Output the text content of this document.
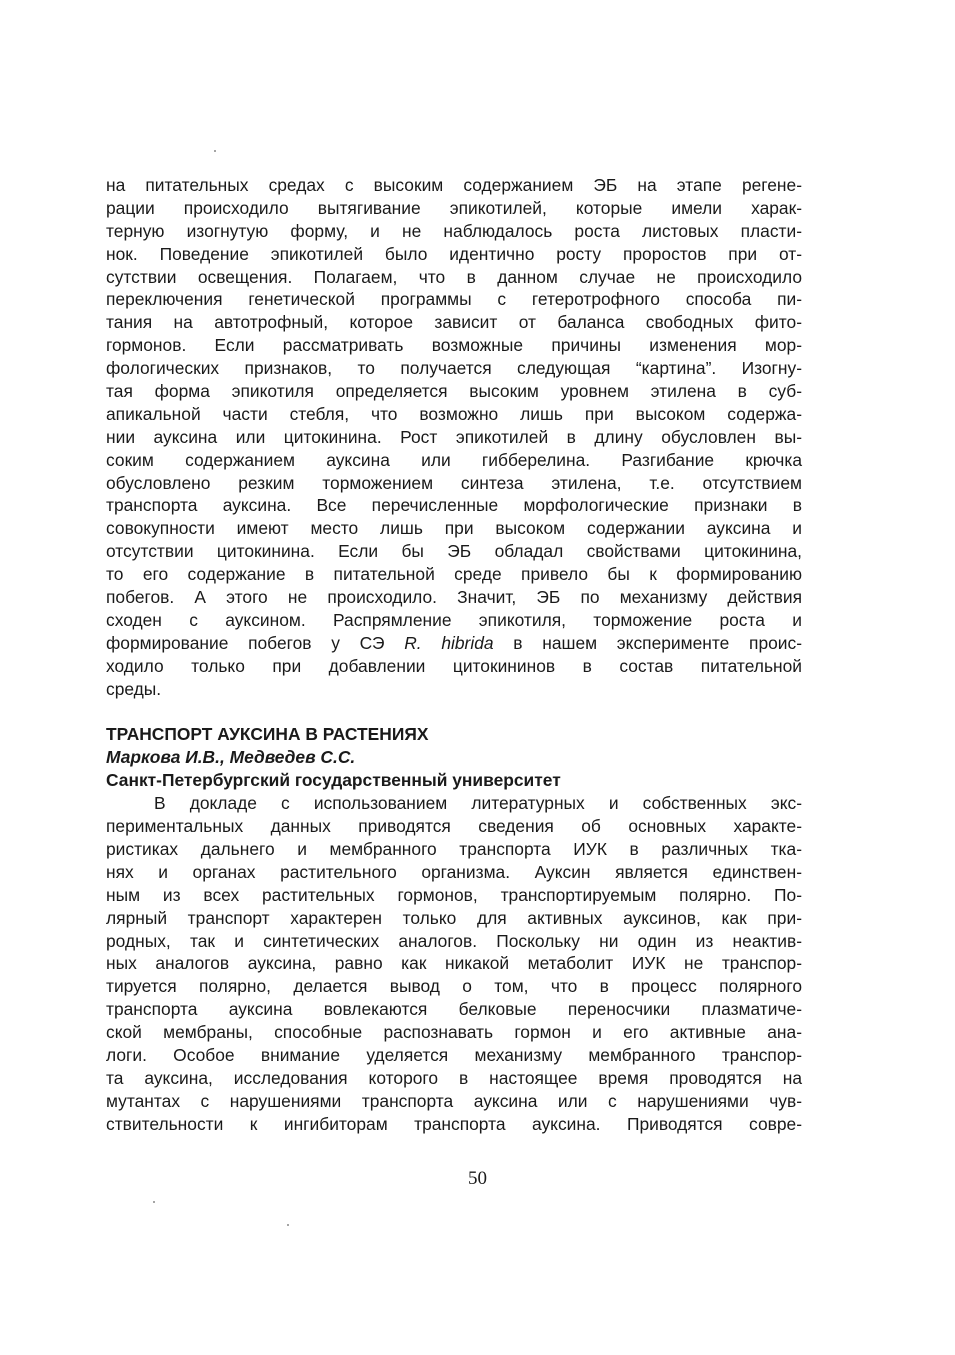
на питательных средах с высоким содержанием ЭБ на этапе регене-
рации происходило вытягивание эпикотилей, которые имели харак-
терную изогнутую форму, и не наблюдалось роста листовых пласти-
нок. Поведение эпикотилей было идентично росту проростов при от-
сутствии освещения. Полагаем, что в данном случае не происходило
переключения генетической программы с гетеротрофного способа пи-
тания на автотрофный, которое зависит от баланса свободных фито-
гормонов. Если рассматривать возможные причины изменения мор-
фологических признаков, то получается следующая “картина”. Изогну-
тая форма эпикотиля определяется высоким уровнем этилена в суб-
апикальной части стебля, что возможно лишь при высоком содержа-
нии ауксина или цитокинина. Рост эпикотилей в длину обусловлен вы-
соким содержанием ауксина или гибберелина. Разгибание крючка
обусловлено резким торможением синтеза этилена, т.е. отсутствием
транспорта ауксина. Все перечисленные морфологические признаки в
совокупности имеют место лишь при высоком содержании ауксина и
отсутствии цитокинина. Если бы ЭБ обладал свойствами цитокинина,
то его содержание в питательной среде привело бы к формированию
побегов. А этого не происходило. Значит, ЭБ по механизму действия
сходен с ауксином. Распрямление эпикотиля, торможение роста и
формирование побегов у СЭ R. hibrida в нашем эксперименте проис-
ходило только при добавлении цитокининов в состав питательной
среды.
ТРАНСПОРТ АУКСИНА В РАСТЕНИЯХ
Маркова И.В., Медведев С.С.
Санкт-Петербургский государственный университет
В докладе с использованием литературных и собственных экс-
периментальных данных приводятся сведения об основных характе-
ристиках дальнего и мембранного транспорта ИУК в различных тка-
нях и органах растительного организма. Ауксин является единствен-
ным из всех растительных гормонов, транспортируемым полярно. По-
лярный транспорт характерен только для активных ауксинов, как при-
родных, так и синтетических аналогов. Поскольку ни один из неактив-
ных аналогов ауксина, равно как никакой метаболит ИУК не транспор-
тируется полярно, делается вывод о том, что в процесс полярного
транспорта ауксина вовлекаются белковые переносчики плазматиче-
ской мембраны, способные распознавать гормон и его активные ана-
логи. Особое внимание уделяется механизму мембранного транспор-
та ауксина, исследования которого в настоящее время проводятся на
мутантах с нарушениями транспорта ауксина или с нарушениями чув-
ствительности к ингибиторам транспорта ауксина. Приводятся совре-
50
